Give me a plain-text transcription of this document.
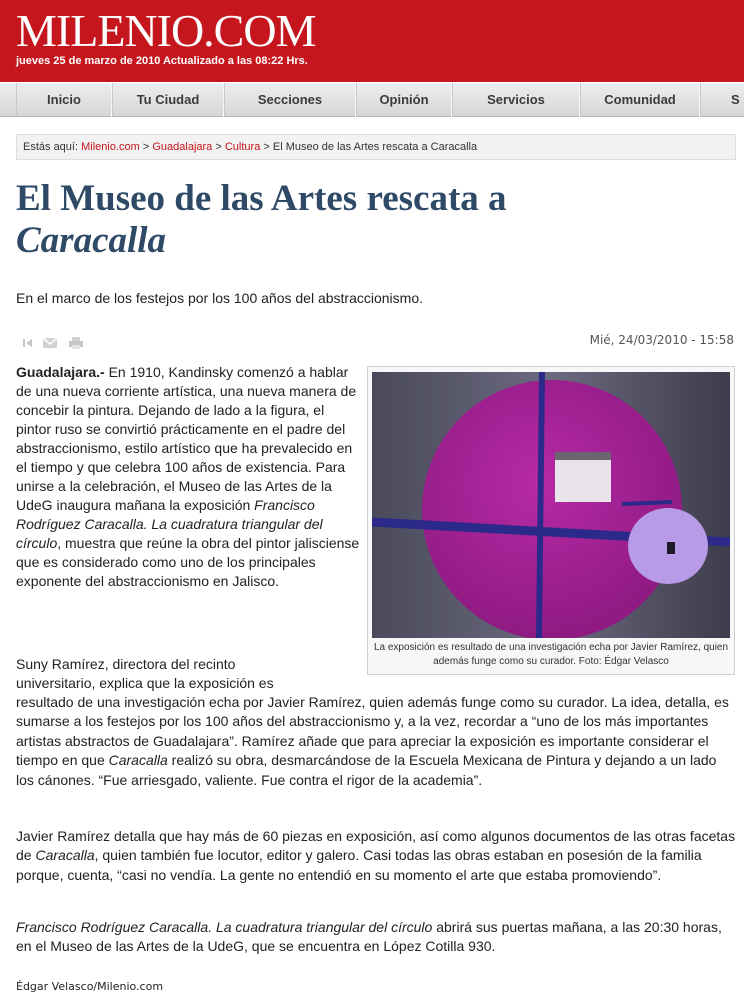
MILENIO.COM
jueves 25 de marzo de 2010 Actualizado a las 08:22 Hrs.
Inicio	Tu Ciudad	Secciones	Opinión	Servicios	Comunidad	S
Estás aquí: Milenio.com > Guadalajara > Cultura > El Museo de las Artes rescata a Caracalla
El Museo de las Artes rescata a
Caracalla
En el marco de los festejos por los 100 años del abstraccionismo.
Mié, 24/03/2010 - 15:58

Guadalajara.- En 1910, Kandinsky comenzó a hablar de una nueva corriente artística, una nueva manera de concebir la pintura. Dejando de lado a la figura, el pintor ruso se convirtió prácticamente en el padre del abstraccionismo, estilo artístico que ha prevalecido en el tiempo y que celebra 100 años de existencia. Para unirse a la celebración, el Museo de las Artes de la UdeG inaugura mañana la exposición Francisco Rodríguez Caracalla. La cuadratura triangular del círculo, muestra que reúne la obra del pintor jalisciense que es considerado como uno de los principales exponente del abstraccionismo en Jalisco.

La exposición es resultado de una investigación echa por Javier Ramírez, quien además funge como su curador. Foto: Édgar Velasco
Suny Ramírez, directora del recinto
universitario, explica que la exposición es

resultado de una investigación echa por Javier Ramírez, quien además funge como su curador. La idea, detalla, es sumarse a los festejos por los 100 años del abstraccionismo y, a la vez, recordar a “uno de los más importantes artistas abstractos de Guadalajara”. Ramírez añade que para apreciar la exposición es importante considerar el tiempo en que Caracalla realizó su obra, desmarcándose de la Escuela Mexicana de Pintura y dejando a un lado los cánones. “Fue arriesgado, valiente. Fue contra el rigor de la academia”.

Javier Ramírez detalla que hay más de 60 piezas en exposición, así como algunos documentos de las otras facetas de Caracalla, quien también fue locutor, editor y galero. Casi todas las obras estaban en posesión de la familia porque, cuenta, “casi no vendía. La gente no entendió en su momento el arte que estaba promoviendo”.

Francisco Rodríguez Caracalla. La cuadratura triangular del círculo abrirá sus puertas mañana, a las 20:30 horas, en el Museo de las Artes de la UdeG, que se encuentra en López Cotilla 930.

Édgar Velasco/Milenio.com
